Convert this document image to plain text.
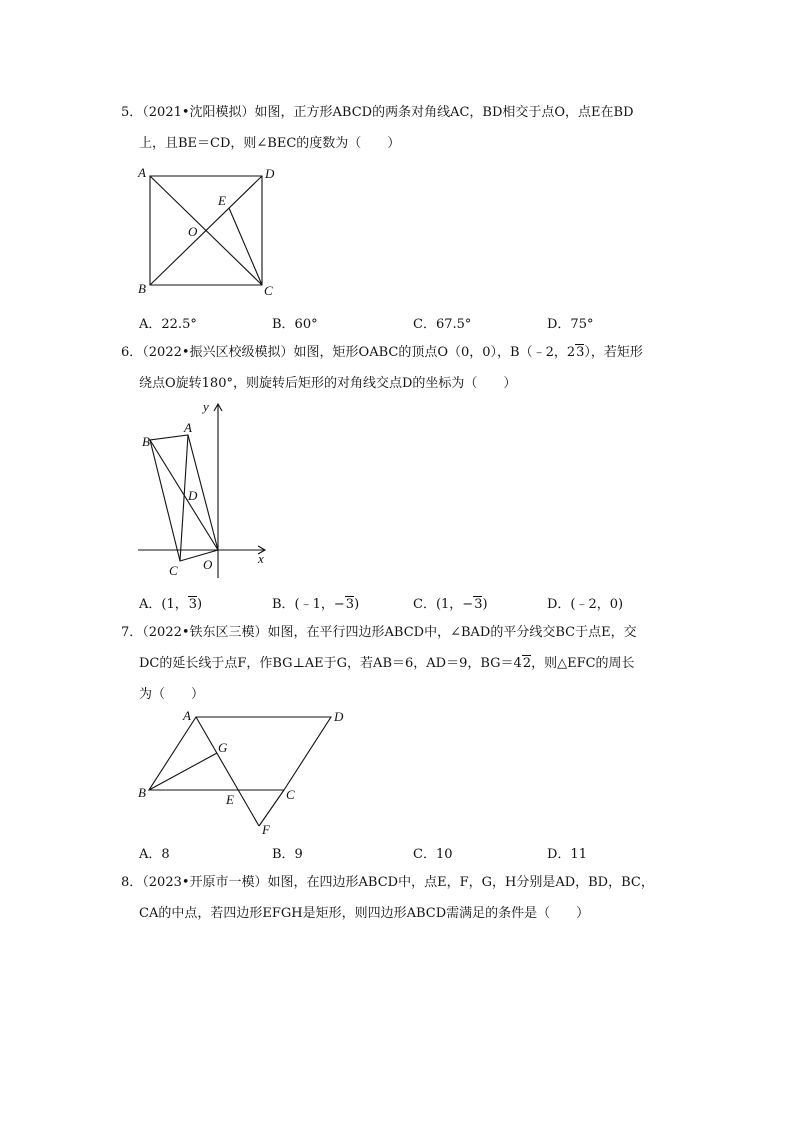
5．（2021•沈阳模拟）如图，正方形ABCD的两条对角线AC，BD相交于点O，点E在BD
上，且BE＝CD，则∠BEC的度数为（　　）
A	D
B	C
E
O
A．22.5°	B．60°	C．67.5°	D．75°
6．（2022•振兴区校级模拟）如图，矩形OABC的顶点O（0，0），B（﹣2，23），若矩形
绕点O旋转180°，则旋转后矩形的对角线交点D的坐标为（　　）
y
B
A
D
C O	x
A．(1，3)	B．(﹣1，−3)	C．(1，−3)	D．(﹣2，0)
7．（2022•铁东区三模）如图，在平行四边形ABCD中，∠BAD的平分线交BC于点E，交
DC的延长线于点F，作BG⊥AE于G，若AB＝6，AD＝9，BG＝42，则△EFC的周长
为（　　）
A	D
G
B	E	C
F
A．8	B．9	C．10	D．11
8．（2023•开原市一模）如图，在四边形ABCD中，点E，F，G，H分别是AD，BD，BC，
CA的中点，若四边形EFGH是矩形，则四边形ABCD需满足的条件是（　　）
